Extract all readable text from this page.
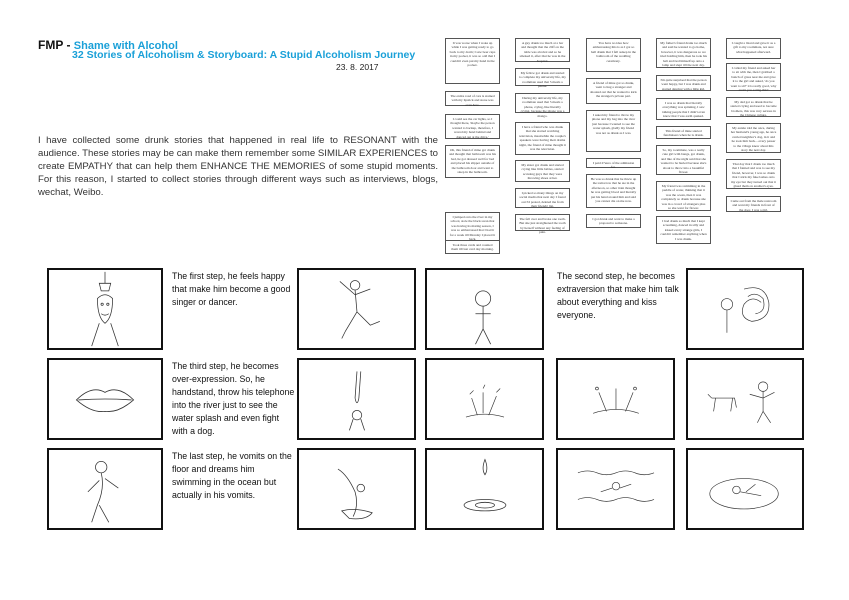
FMP - Shame with Alcohol
32 Stories of Alcoholism & Storyboard: A Stupid Alcoholism Journey
23. 8. 2017
I have collected some drunk stories that happened in real life to RESONANT with the audience. These stories may be can make them remember some SIMILAR EXPERIENCES to create EMPATHY that can help them ENHANCE THE MEMORIES of some stupid moments. For this reason, I started to collect stories through different ways such as interviews, blogs, wechat, Weibo.
It was worse when I woke up while I was getting ready to go back to my dorm; I saw beer caps in my pocket, it was so odd that I couldn't even put my hand in the pocket.
The entire road of cars is stained with my lipstick and stone was even here.
I could see the car lights, so I thought there, 'maybe the person wanted to backup, therefore, I waved my hand behind and danced out at the drive.'
Oh, this friend of mine got drunk and thought that bathroom was his bed, he got dressed well for bed and placed his slipper outside of the bathroom door and went to sleep in the bathroom.
I jumped onto the river in my school, stole the black swan that was having its mating season, I was so embarrassed that I had it for a week till Monday I placed it
Took three cards and counted them till last card day morning.
A guy drunk too much at a bar and thought that the cliff on the table was alcohol and so he smoked it, after that he was in the hospital.
My fellow got drunk and started to complete my university life, my roommate used that 5 meals a phone.
During my university life, my roommate used that 5 meals a phone, crying, like literally crying, because the phone was a mango.
I have a friend who was drunk that she started watching television, meanwhile the couple's speakers were having their drama night, the friend of mine thought it was the television.
My sister got drunk and started crying like little babies, started accusing guys that they were throwing shoes at her.
I picked so many things on my social media that next day I found out I'd posted, deleted me from their friends' list.
The fell over and broke one tooth. But she just straightened the tooth by herself without any feeling of pain.
You have no idea how embarrassing this is as I got so hell drunk that I fell asleep in the bathroom of the wedding ceremony.
A friend of mine got so drunk, went to hug a stranger and shouted out that he wanted to kick the stranger's private part.
I asked my friend to throw my phone and my bag into the river just because I wanted to see the water splash, gladly my friend was not as drunk as I was.
I paid 27euro of the admission fee.
He was so drunk that he threw up the tomorrow that he ate in the afternoon, so other train thought he was getting blood and literally put his hand around him and said you cannot die on me now.
I got drunk and went to make a proposal to someone.
My father's friend drank too much and said he wanted to go home, however, it was dangerous so we tried holding him, then he took his belt and tied himself up onto a lamp and slept till the next day.
I'm quite surprised that the person went happy, but I was drunk and started dancing with a little kid.
I was so drunk that literally everything was spinning, I saw talking people that I didn't even know that I was earth quaked.
This friend of mine started fundraisers when he is drunk.
So, my roommate, was a really cute girl with bangs, got drunk, and like of the night said that she wanted to be buried because she's about to throw into a beautiful flower.
My friend was swimming in the puddle of water, thinking that it was the ocean, then it was completely so drunk because she was in a crowd of strangers plus so she went for flower.
I had drunk so much that I kept screaming, danced in silly and kissed every strange girls, I couldn't remember anything when I was drunk.
I caught a lizard and gave it as a gift to my roommate, not sure what happened afterward.
I called my friend and asked her to sit with me, then I grabbed a bunch of grass near me and gave it to the girl and asked, 'do you want to sit?' it is really good, why aren't you eating this?
My dad got so drunk that he started crying and used to become brothers, this was very serious in the Chinese culture.
My auntie told me once, during her husband's young age, he once carried neighbor's dog, in it and he took him back... every passer to the village knew about this story the next day.
That day that I drank too much that I fainted and was to see my friend, however, I was so drunk that I stick my fake lashes onto my eye but they turned out that it glued them on another's eyes.
Came out from the male restroom and went my friends in front of the door, I was a girl.
The first step, he feels happy that make him become a good singer or dancer.
The second step, he becomes extraversion that make him talk about everything and kiss everyone.
The third step, he becomes over-expression. So, he handstand, throw his telephone into the river just to see the water splash and even fight with a dog.
The last step, he vomits on the floor and dreams him swimming in the ocean but actually in his vomits.
